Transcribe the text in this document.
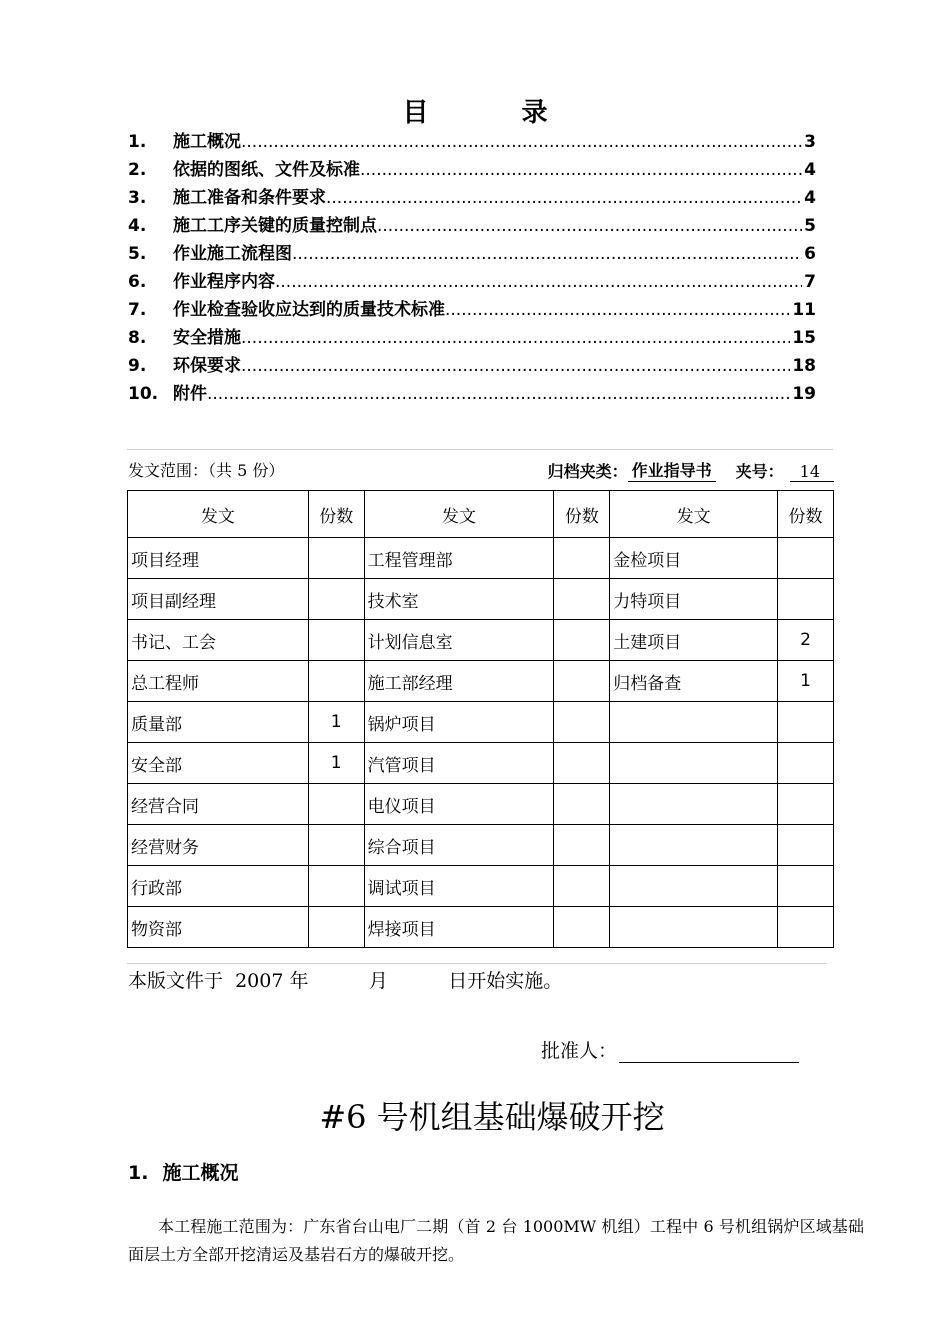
目 录
1.	施工概况 .....	3
2.	依据的图纸、文件及标准 .....	4
3.	施工准备和条件要求 .....	4
4.	施工工序关键的质量控制点 .....	5
5.	作业施工流程图 .....	6
6.	作业程序内容 .....	7
7.	作业检查验收应达到的质量技术标准 .....	11
8.	安全措施 .....	15
9.	环保要求 .....	18
10. 附件 .....	19
发文范围：（共 5 份）	归档夹类： 作业指导书 夹号：	14
发文	份数	发文	份数	发文	份数
项目经理		工程管理部		金检项目	
项目副经理		技术室		力特项目	
书记、工会		计划信息室		土建项目	2
总工程师		施工部经理		归档备查	1
质量部	1	锅炉项目			
安全部	1	汽管项目			
经营合同		电仪项目			
经营财务		综合项目			
行政部		调试项目			
物资部		焊接项目			
本版文件于  2007 年          月          日开始实施。
批准人：
#6 号机组基础爆破开挖
1. 施工概况
本工程施工范围为：广东省台山电厂二期（首 2 台 1000MW 机组）工程中 6 号机组锅炉区域基础面层土方全部开挖清运及基岩石方的爆破开挖。
